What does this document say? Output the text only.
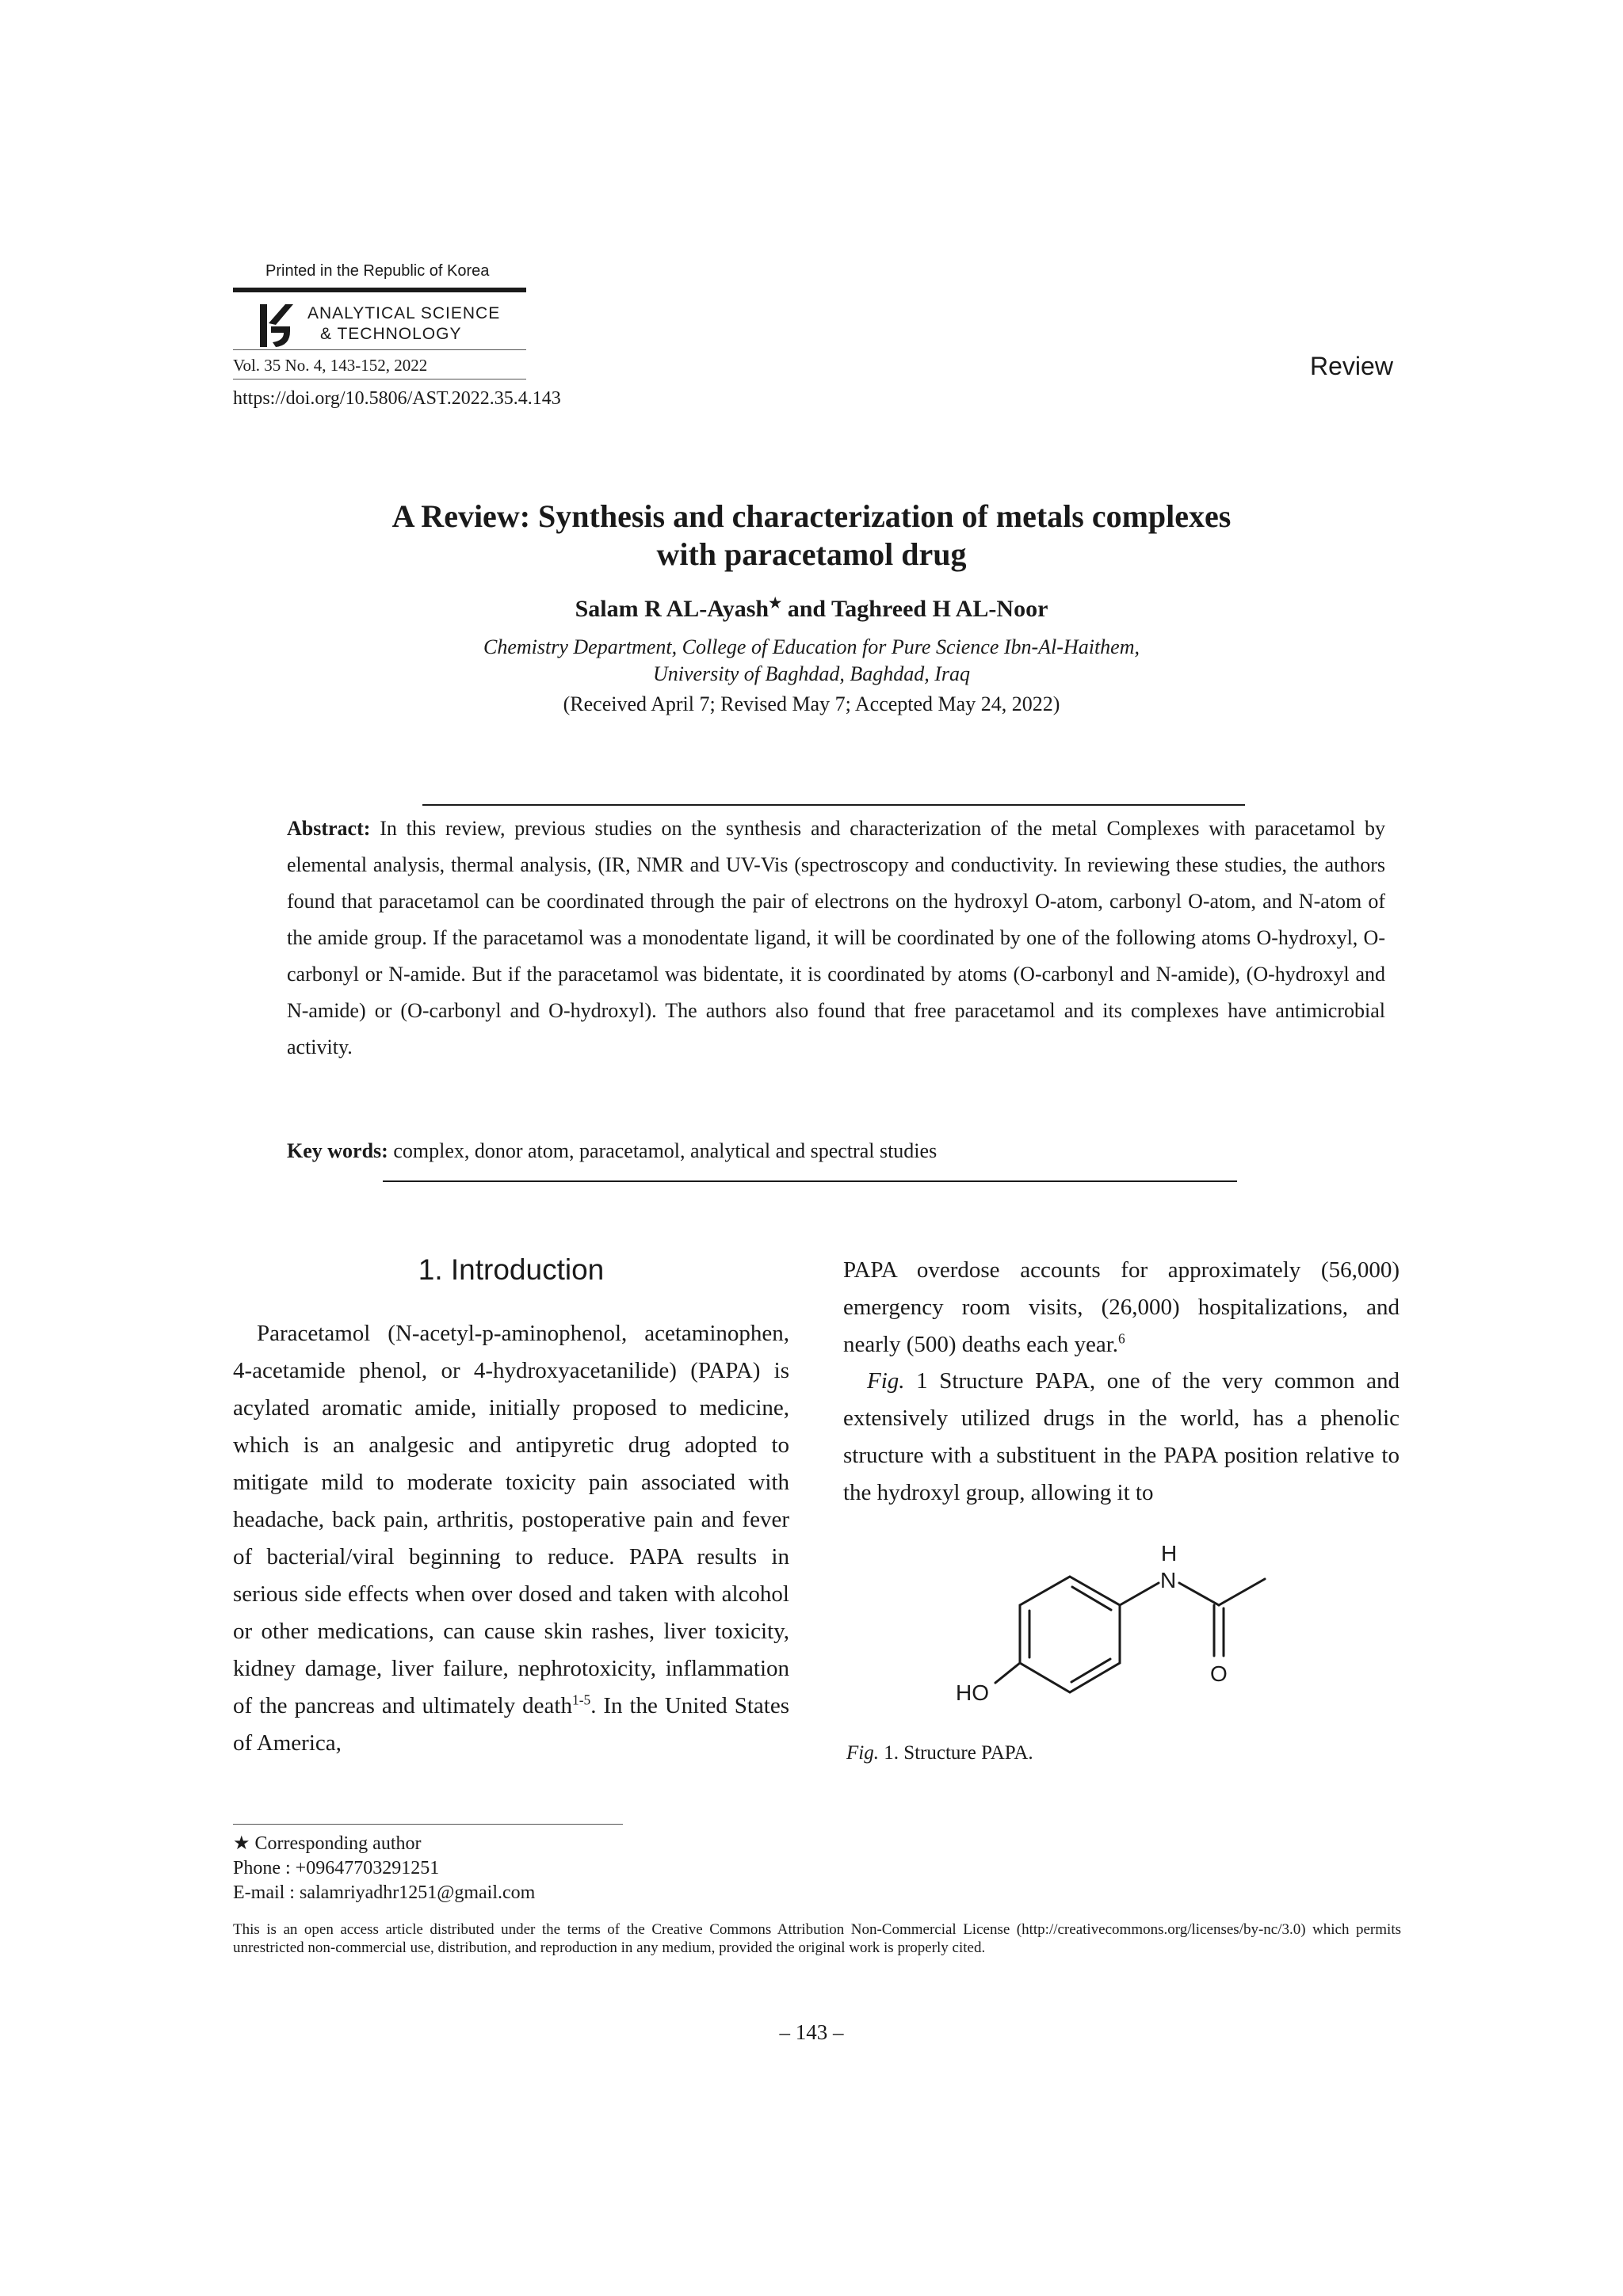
Printed in the Republic of Korea
ANALYTICAL SCIENCE
& TECHNOLOGY
Vol. 35 No. 4, 143-152, 2022
https://doi.org/10.5806/AST.2022.35.4.143
Review
A Review: Synthesis and characterization of metals complexes
with paracetamol drug
Salam R AL-Ayash★ and Taghreed H AL-Noor
Chemistry Department, College of Education for Pure Science Ibn-Al-Haithem,
University of Baghdad, Baghdad, Iraq
(Received April 7; Revised May 7; Accepted May 24, 2022)

Abstract: In this review, previous studies on the synthesis and characterization of the metal Complexes with paracetamol by elemental analysis, thermal analysis, (IR, NMR and UV-Vis (spectroscopy and conductivity. In reviewing these studies, the authors found that paracetamol can be coordinated through the pair of electrons on the hydroxyl O-atom, carbonyl O-atom, and N-atom of the amide group. If the paracetamol was a monodentate ligand, it will be coordinated by one of the following atoms O-hydroxyl, O-carbonyl or N-amide. But if the paracetamol was bidentate, it is coordinated by atoms (O-carbonyl and N-amide), (O-hydroxyl and N-amide) or (O-carbonyl and O-hydroxyl). The authors also found that free paracetamol and its complexes have antimicrobial activity.

Key words: complex, donor atom, paracetamol, analytical and spectral studies
1. Introduction

Paracetamol (N-acetyl-p-aminophenol, acetaminophen, 4-acetamide phenol, or 4-hydroxyacetanilide) (PAPA) is acylated aromatic amide, initially proposed to medicine, which is an analgesic and antipyretic drug adopted to mitigate mild to moderate toxicity pain associated with headache, back pain, arthritis, postoperative pain and fever of bacterial/viral beginning to reduce. PAPA results in serious side effects when over dosed and taken with alcohol or other medications, can cause skin rashes, liver toxicity, kidney damage, liver failure, nephrotoxicity, inflammation of the pancreas and ultimately death$^{1-5}$. In the United States of America,

PAPA overdose accounts for approximately (56,000) emergency room visits, (26,000) hospitalizations, and nearly (500) deaths each year.$^6$

Fig. 1 Structure PAPA, one of the very common and extensively utilized drugs in the world, has a phenolic structure with a substituent in the PAPA position relative to the hydroxyl group, allowing it to

H
N
O
HO
Fig. 1. Structure PAPA.
★ Corresponding author
Phone : +09647703291251
E-mail : salamriyadhr1251@gmail.com

This is an open access article distributed under the terms of the Creative Commons Attribution Non-Commercial License (http://creativecommons.org/licenses/by-nc/3.0) which permits unrestricted non-commercial use, distribution, and reproduction in any medium, provided the original work is properly cited.

– 143 –
